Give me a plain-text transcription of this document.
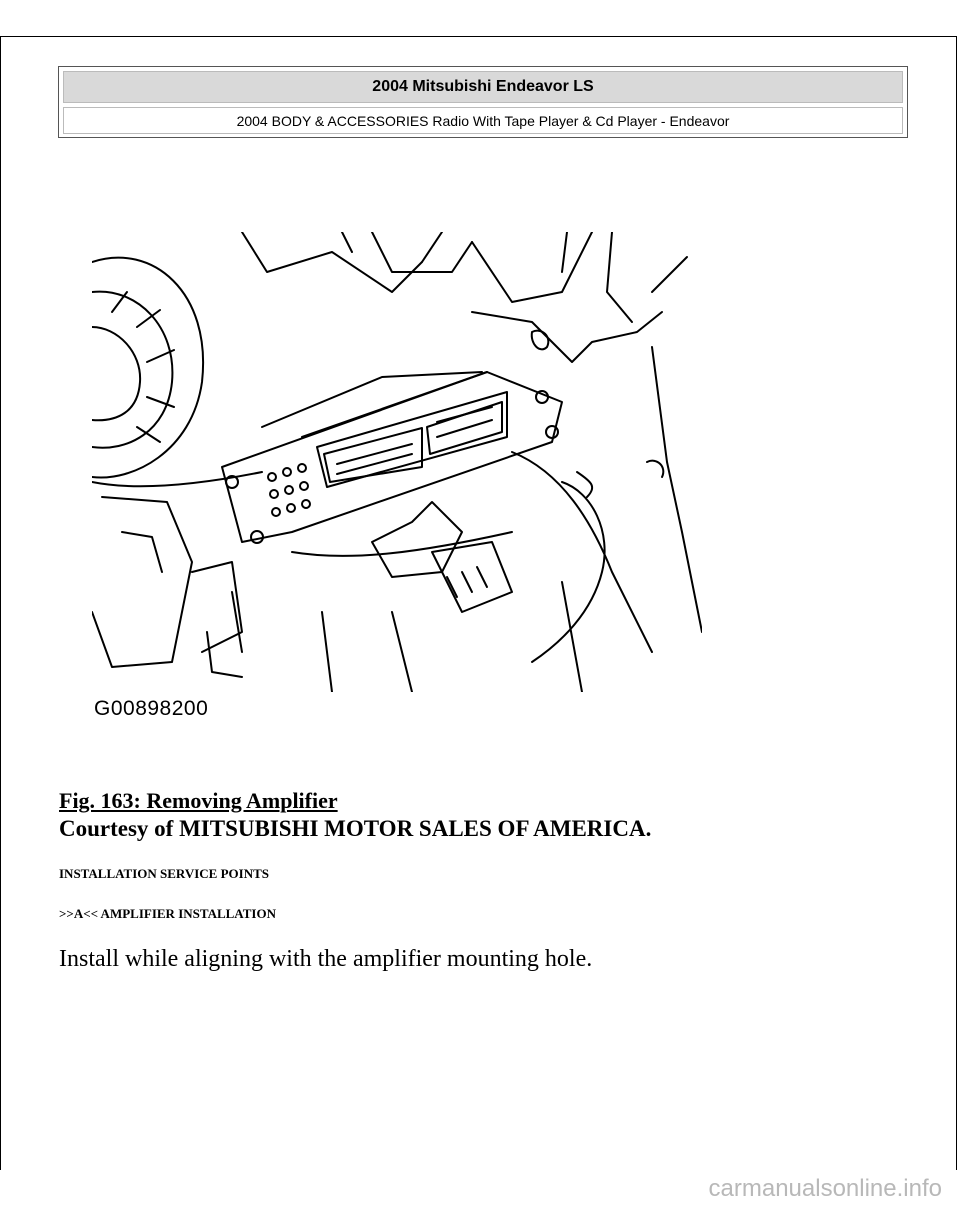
2004 Mitsubishi Endeavor LS
2004 BODY & ACCESSORIES Radio With Tape Player & Cd Player - Endeavor
G00898200
Fig. 163: Removing Amplifier
Courtesy of MITSUBISHI MOTOR SALES OF AMERICA.
INSTALLATION SERVICE POINTS
>>A<< AMPLIFIER INSTALLATION
Install while aligning with the amplifier mounting hole.
carmanualsonline.info
